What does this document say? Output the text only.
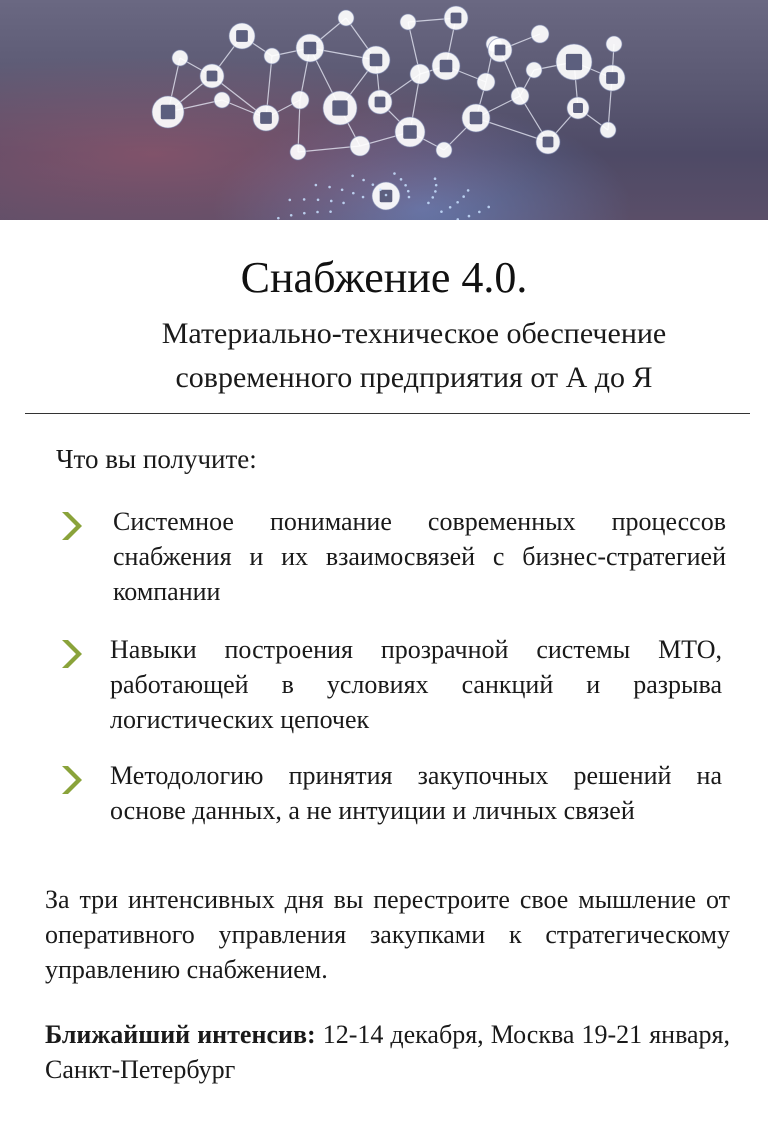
Снабжение 4.0.
Материально-техническое обеспечение
современного предприятия от А до Я
Что вы получите:
Системное понимание современных процессов снабжения и их взаимосвязей с бизнес-стратегией компании
Навыки построения прозрачной системы МТО, работающей в условиях санкций и разрыва логистических цепочек
Методологию принятия закупочных решений на основе данных, а не интуиции и личных связей
За три интенсивных дня вы перестроите свое мышление от оперативного управления закупками к стратегическому управлению снабжением.
Ближайший интенсив: 12-14 декабря, Москва 19-21 января, Санкт-Петербург
